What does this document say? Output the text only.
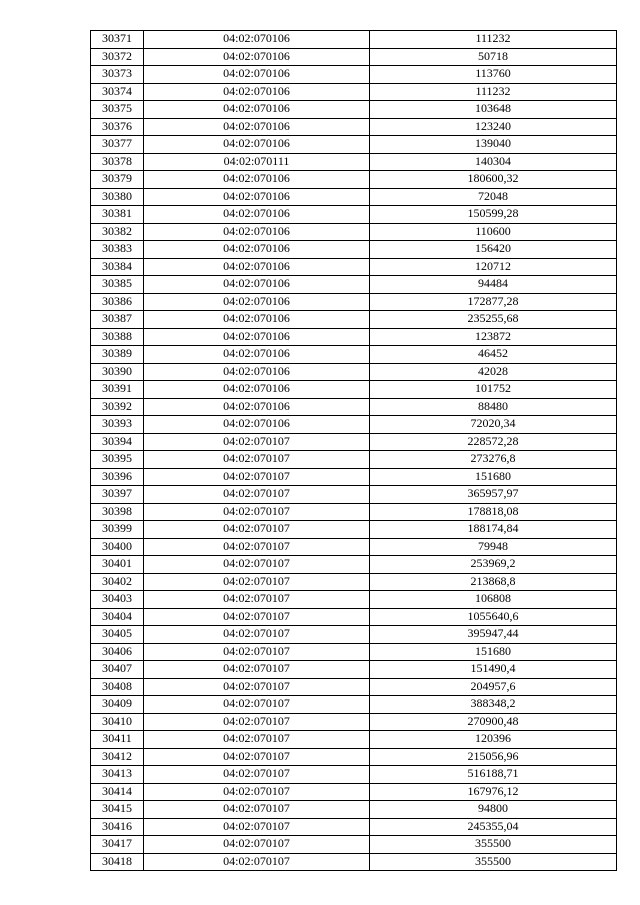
30371	04:02:070106	111232
30372	04:02:070106	50718
30373	04:02:070106	113760
30374	04:02:070106	111232
30375	04:02:070106	103648
30376	04:02:070106	123240
30377	04:02:070106	139040
30378	04:02:070111	140304
30379	04:02:070106	180600,32
30380	04:02:070106	72048
30381	04:02:070106	150599,28
30382	04:02:070106	110600
30383	04:02:070106	156420
30384	04:02:070106	120712
30385	04:02:070106	94484
30386	04:02:070106	172877,28
30387	04:02:070106	235255,68
30388	04:02:070106	123872
30389	04:02:070106	46452
30390	04:02:070106	42028
30391	04:02:070106	101752
30392	04:02:070106	88480
30393	04:02:070106	72020,34
30394	04:02:070107	228572,28
30395	04:02:070107	273276,8
30396	04:02:070107	151680
30397	04:02:070107	365957,97
30398	04:02:070107	178818,08
30399	04:02:070107	188174,84
30400	04:02:070107	79948
30401	04:02:070107	253969,2
30402	04:02:070107	213868,8
30403	04:02:070107	106808
30404	04:02:070107	1055640,6
30405	04:02:070107	395947,44
30406	04:02:070107	151680
30407	04:02:070107	151490,4
30408	04:02:070107	204957,6
30409	04:02:070107	388348,2
30410	04:02:070107	270900,48
30411	04:02:070107	120396
30412	04:02:070107	215056,96
30413	04:02:070107	516188,71
30414	04:02:070107	167976,12
30415	04:02:070107	94800
30416	04:02:070107	245355,04
30417	04:02:070107	355500
30418	04:02:070107	355500
